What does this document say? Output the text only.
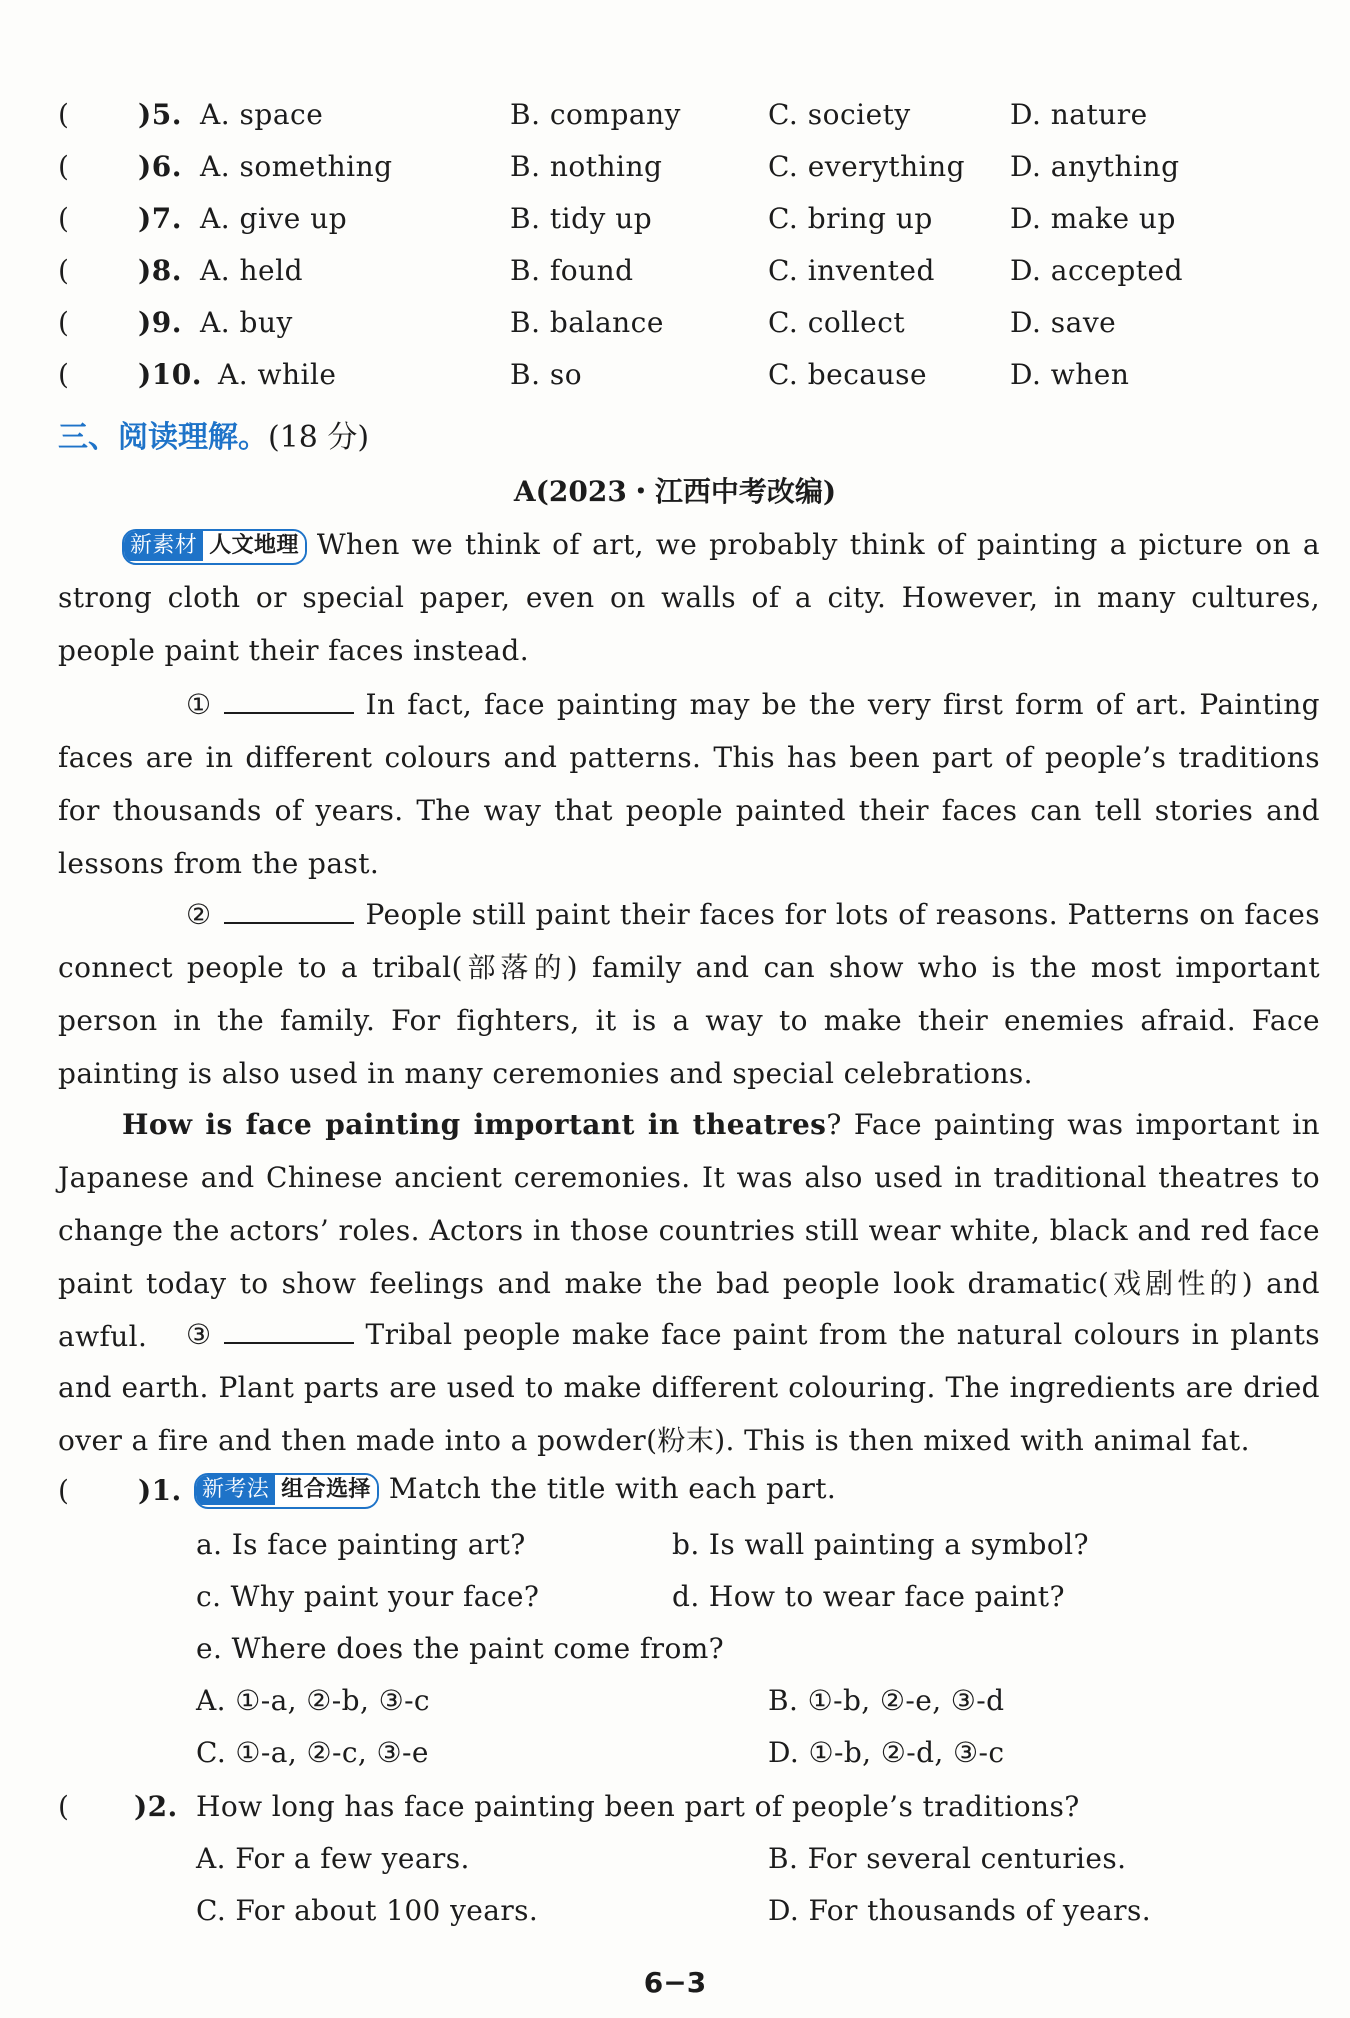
( )5. A. space	B. company	C. society	D. nature
( )6. A. something	B. nothing	C. everything D. anything
( )7. A. give up	B. tidy up	C. bring up	D. make up
( )8. A. held	B. found	C. invented	D. accepted
( )9. A. buy	B. balance	C. collect	D. save
( )10. A. while	B. so	C. because	D. when
三、阅读理解。(18 分)
A(2023・江西中考改编)
新素材 人文地理 When we think of art, we probably think of painting a picture on a strong cloth or special paper, even on walls of a city. However, in many cultures, people paint their faces instead.
①	In fact, face painting may be the very first form of art. Painting faces are in different colours and patterns. This has been part of people’s traditions for thousands of years. The way that people painted their faces can tell stories and lessons from the past.
②	People still paint their faces for lots of reasons. Patterns on faces connect people to a tribal(部落的) family and can show who is the most important person in the family. For fighters, it is a way to make their enemies afraid. Face painting is also used in many ceremonies and special celebrations.
How is face painting important in theatres? Face painting was important in Japanese and Chinese ancient ceremonies. It was also used in traditional theatres to change the actors’ roles. Actors in those countries still wear white, black and red face paint today to show feelings and make the bad people look dramatic(戏剧性的) and awful.	③	Tribal people make face paint from the natural colours in plants and earth. Plant parts are used to make different colouring. The ingredients are dried over a fire and then made into a powder(粉末). This is then mixed with animal fat.
( )1. 新考法 组合选择 Match the title with each part.
a. Is face painting art?	b. Is wall painting a symbol?
c. Why paint your face?	d. How to wear face paint?
e. Where does the paint come from?
A. ①-a, ②-b, ③-c	B. ①-b, ②-e, ③-d
C. ①-a, ②-c, ③-e	D. ①-b, ②-d, ③-c
( )2. How long has face painting been part of people’s traditions?
A. For a few years.	B. For several centuries.
C. For about 100 years.	D. For thousands of years.
6−3
